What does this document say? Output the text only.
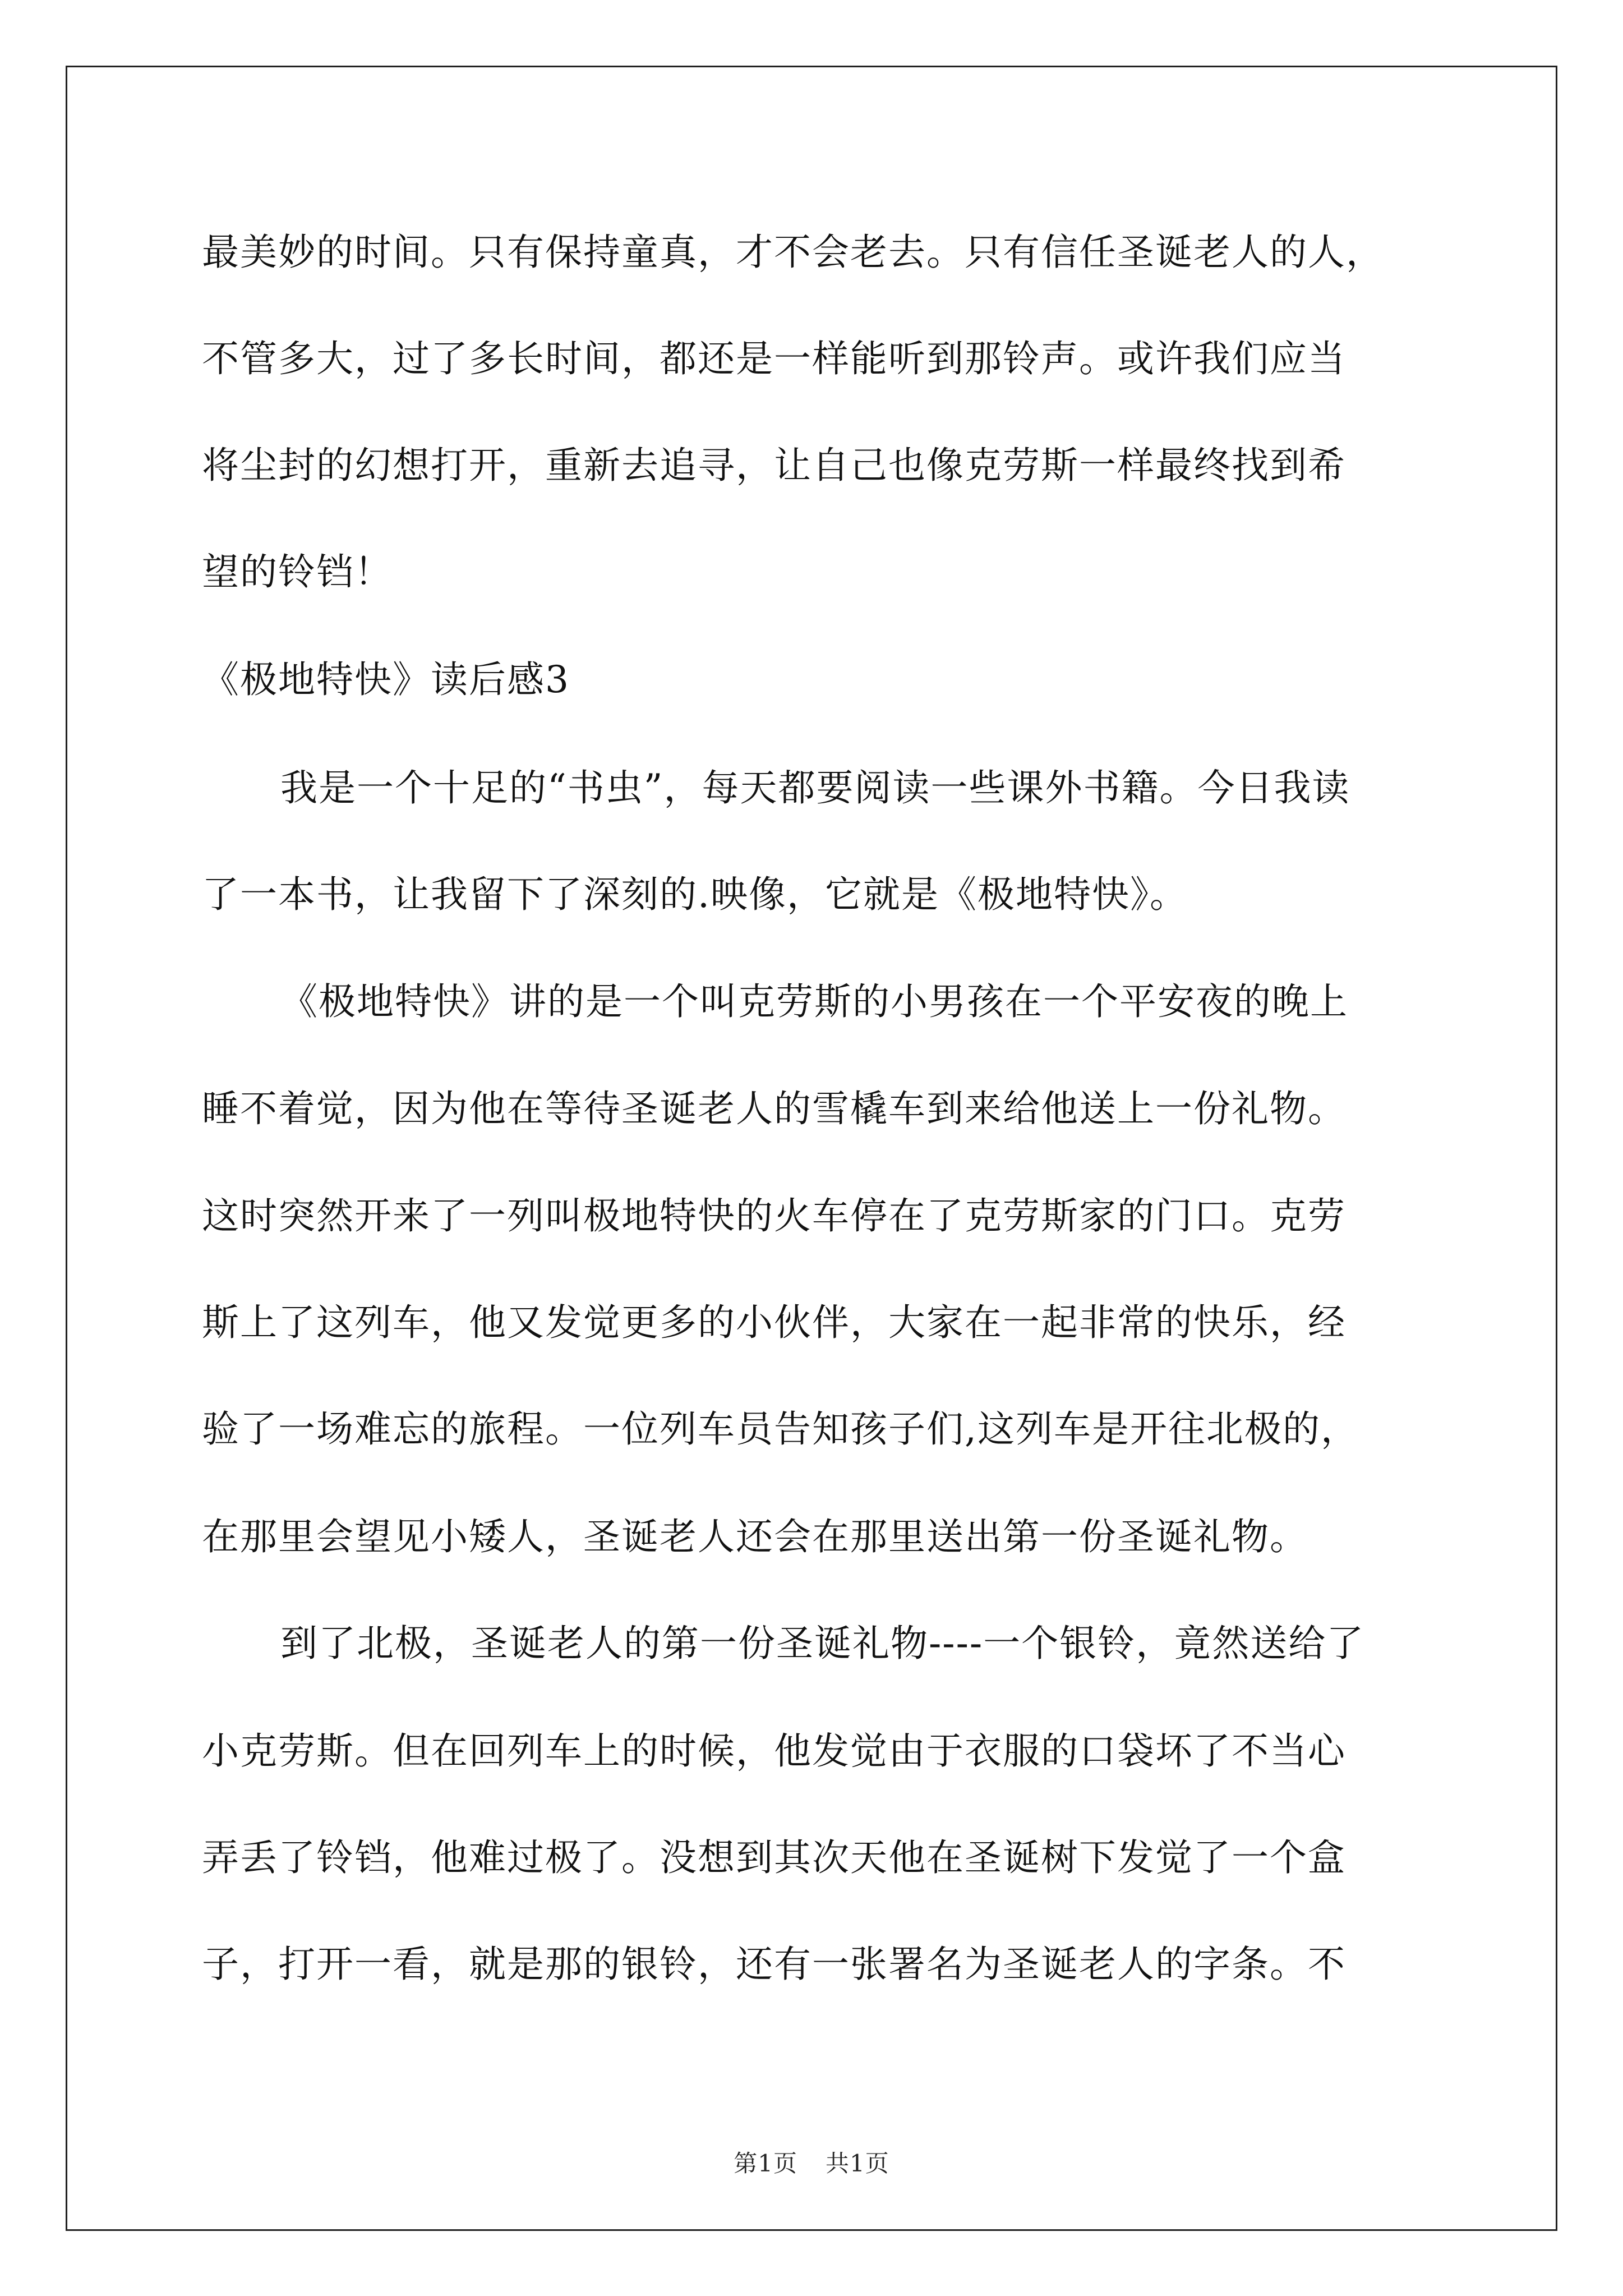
最美妙的时间。只有保持童真，才不会老去。只有信任圣诞老人的人，
不管多大，过了多长时间，都还是一样能听到那铃声。或许我们应当
将尘封的幻想打开，重新去追寻，让自己也像克劳斯一样最终找到希
望的铃铛！
《极地特快》读后感3
我是一个十足的“书虫”，每天都要阅读一些课外书籍。今日我读
了一本书，让我留下了深刻的.映像，它就是《极地特快》。
《极地特快》讲的是一个叫克劳斯的小男孩在一个平安夜的晚上
睡不着觉，因为他在等待圣诞老人的雪橇车到来给他送上一份礼物。
这时突然开来了一列叫极地特快的火车停在了克劳斯家的门口。克劳
斯上了这列车，他又发觉更多的小伙伴，大家在一起非常的快乐，经
验了一场难忘的旅程。一位列车员告知孩子们,这列车是开往北极的，
在那里会望见小矮人，圣诞老人还会在那里送出第一份圣诞礼物。
到了北极，圣诞老人的第一份圣诞礼物----一个银铃，竟然送给了
小克劳斯。但在回列车上的时候，他发觉由于衣服的口袋坏了不当心
弄丢了铃铛，他难过极了。没想到其次天他在圣诞树下发觉了一个盒
子，打开一看，就是那的银铃，还有一张署名为圣诞老人的字条。不
第1页 共1页
